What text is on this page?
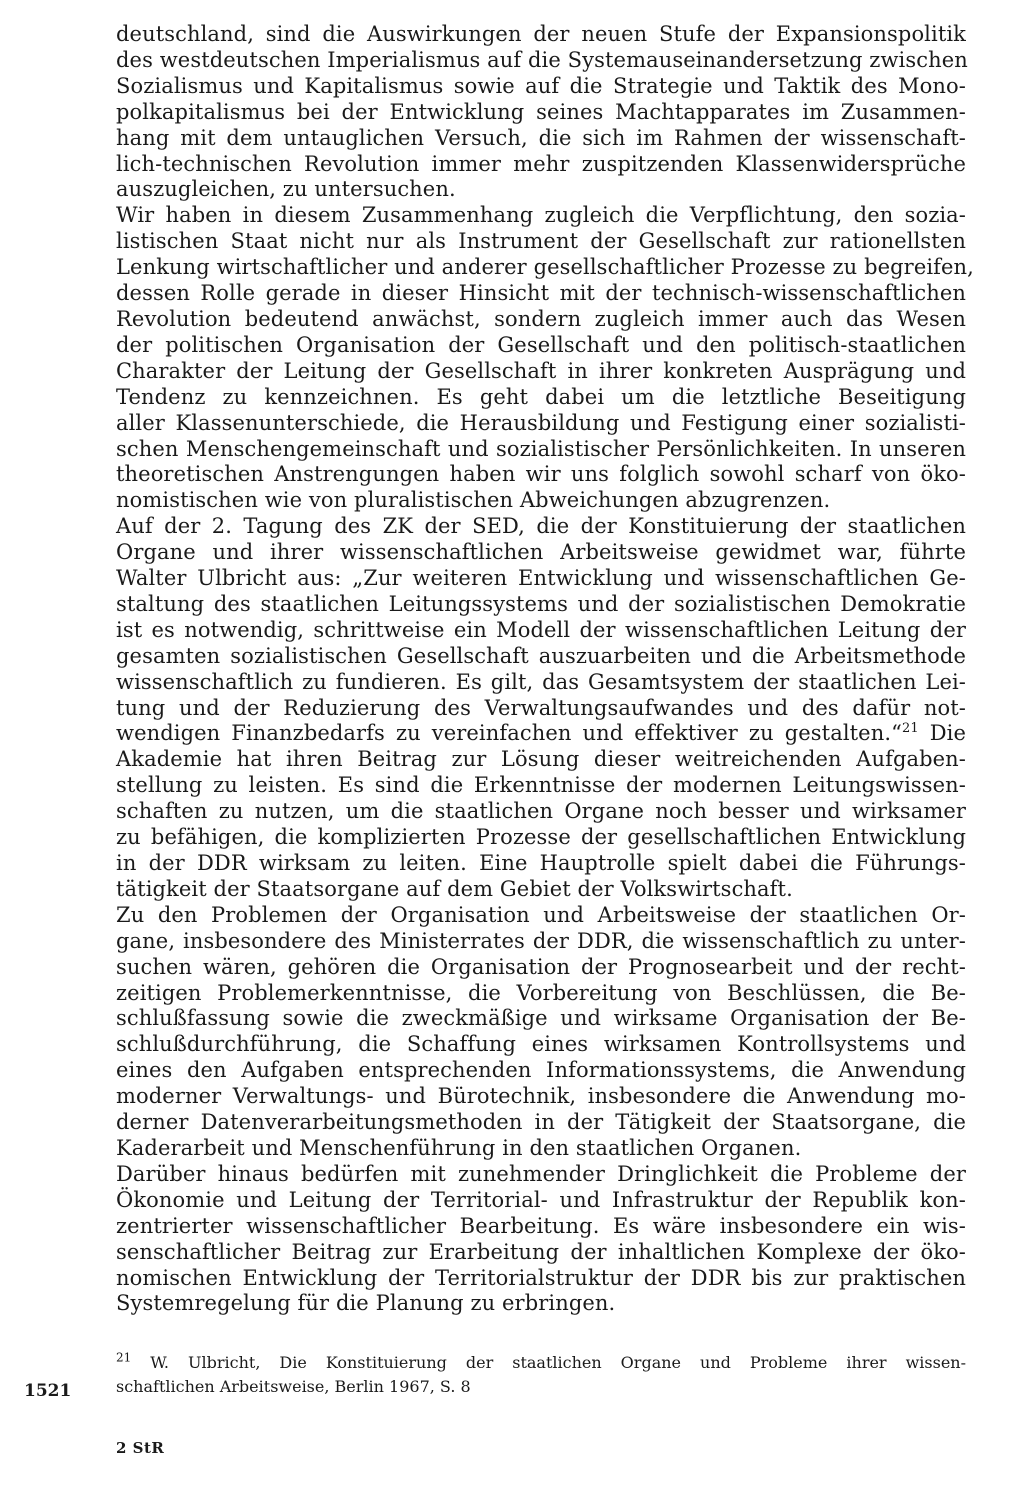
deutschland, sind die Auswirkungen der neuen Stufe der Expansionspolitik
des westdeutschen Imperialismus auf die Systemauseinandersetzung zwischen
Sozialismus und Kapitalismus sowie auf die Strategie und Taktik des Mono-
polkapitalismus bei der Entwicklung seines Machtapparates im Zusammen-
hang mit dem untauglichen Versuch, die sich im Rahmen der wissenschaft-
lich-technischen Revolution immer mehr zuspitzenden Klassenwidersprüche
auszugleichen, zu untersuchen.

Wir haben in diesem Zusammenhang zugleich die Verpflichtung, den sozia-
listischen Staat nicht nur als Instrument der Gesellschaft zur rationellsten
Lenkung wirtschaftlicher und anderer gesellschaftlicher Prozesse zu begreifen,
dessen Rolle gerade in dieser Hinsicht mit der technisch-wissenschaftlichen
Revolution bedeutend anwächst, sondern zugleich immer auch das Wesen
der politischen Organisation der Gesellschaft und den politisch-staatlichen
Charakter der Leitung der Gesellschaft in ihrer konkreten Ausprägung und
Tendenz zu kennzeichnen. Es geht dabei um die letztliche Beseitigung
aller Klassenunterschiede, die Herausbildung und Festigung einer sozialisti-
schen Menschengemeinschaft und sozialistischer Persönlichkeiten. In unseren
theoretischen Anstrengungen haben wir uns folglich sowohl scharf von öko-
nomistischen wie von pluralistischen Abweichungen abzugrenzen.

Auf der 2. Tagung des ZK der SED, die der Konstituierung der staatlichen
Organe und ihrer wissenschaftlichen Arbeitsweise gewidmet war, führte
Walter Ulbricht aus: „Zur weiteren Entwicklung und wissenschaftlichen Ge-
staltung des staatlichen Leitungssystems und der sozialistischen Demokratie
ist es notwendig, schrittweise ein Modell der wissenschaftlichen Leitung der
gesamten sozialistischen Gesellschaft auszuarbeiten und die Arbeitsmethode
wissenschaftlich zu fundieren. Es gilt, das Gesamtsystem der staatlichen Lei-
tung und der Reduzierung des Verwaltungsaufwandes und des dafür not-
wendigen Finanzbedarfs zu vereinfachen und effektiver zu gestalten.“$^{21}$ Die
Akademie hat ihren Beitrag zur Lösung dieser weitreichenden Aufgaben-
stellung zu leisten. Es sind die Erkenntnisse der modernen Leitungswissen-
schaften zu nutzen, um die staatlichen Organe noch besser und wirksamer
zu befähigen, die komplizierten Prozesse der gesellschaftlichen Entwicklung
in der DDR wirksam zu leiten. Eine Hauptrolle spielt dabei die Führungs-
tätigkeit der Staatsorgane auf dem Gebiet der Volkswirtschaft.

Zu den Problemen der Organisation und Arbeitsweise der staatlichen Or-
gane, insbesondere des Ministerrates der DDR, die wissenschaftlich zu unter-
suchen wären, gehören die Organisation der Prognosearbeit und der recht-
zeitigen Problemerkenntnisse, die Vorbereitung von Beschlüssen, die Be-
schlußfassung sowie die zweckmäßige und wirksame Organisation der Be-
schlußdurchführung, die Schaffung eines wirksamen Kontrollsystems und
eines den Aufgaben entsprechenden Informationssystems, die Anwendung
moderner Verwaltungs- und Bürotechnik, insbesondere die Anwendung mo-
derner Datenverarbeitungsmethoden in der Tätigkeit der Staatsorgane, die
Kaderarbeit und Menschenführung in den staatlichen Organen.

Darüber hinaus bedürfen mit zunehmender Dringlichkeit die Probleme der
Ökonomie und Leitung der Territorial- und Infrastruktur der Republik kon-
zentrierter wissenschaftlicher Bearbeitung. Es wäre insbesondere ein wis-
senschaftlicher Beitrag zur Erarbeitung der inhaltlichen Komplexe der öko-
nomischen Entwicklung der Territorialstruktur der DDR bis zur praktischen
Systemregelung für die Planung zu erbringen.

$^{21}$ W. Ulbricht, Die Konstituierung der staatlichen Organe und Probleme ihrer wissen-
schaftlichen Arbeitsweise, Berlin 1967, S. 8

1521
2 StR
